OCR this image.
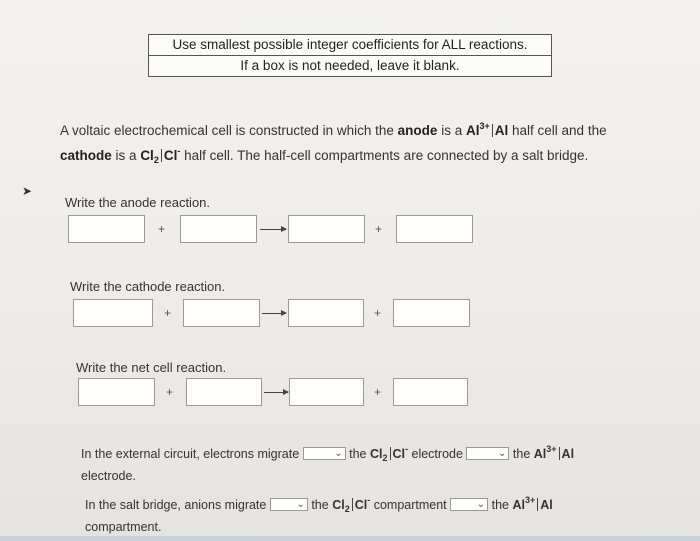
Use smallest possible integer coefficients for ALL reactions.
If a box is not needed, leave it blank.
➤
A voltaic electrochemical cell is constructed in which the anode is a $Al^{3+}$ Al half cell and the cathode is a $Cl_2$ Cl- half cell. The half-cell compartments are connected by a salt bridge.
Write the anode reaction.
+	+
Write the cathode reaction.
+	+
Write the net cell reaction.
+	+
In the external circuit, electrons migrate	⌄ the $Cl_2$ Cl- electrode	⌄ the $Al^{3+}$ Al
electrode.
In the salt bridge, anions migrate	⌄ the $Cl_2$ Cl- compartment	⌄ the $Al^{3+}$ Al
compartment.
